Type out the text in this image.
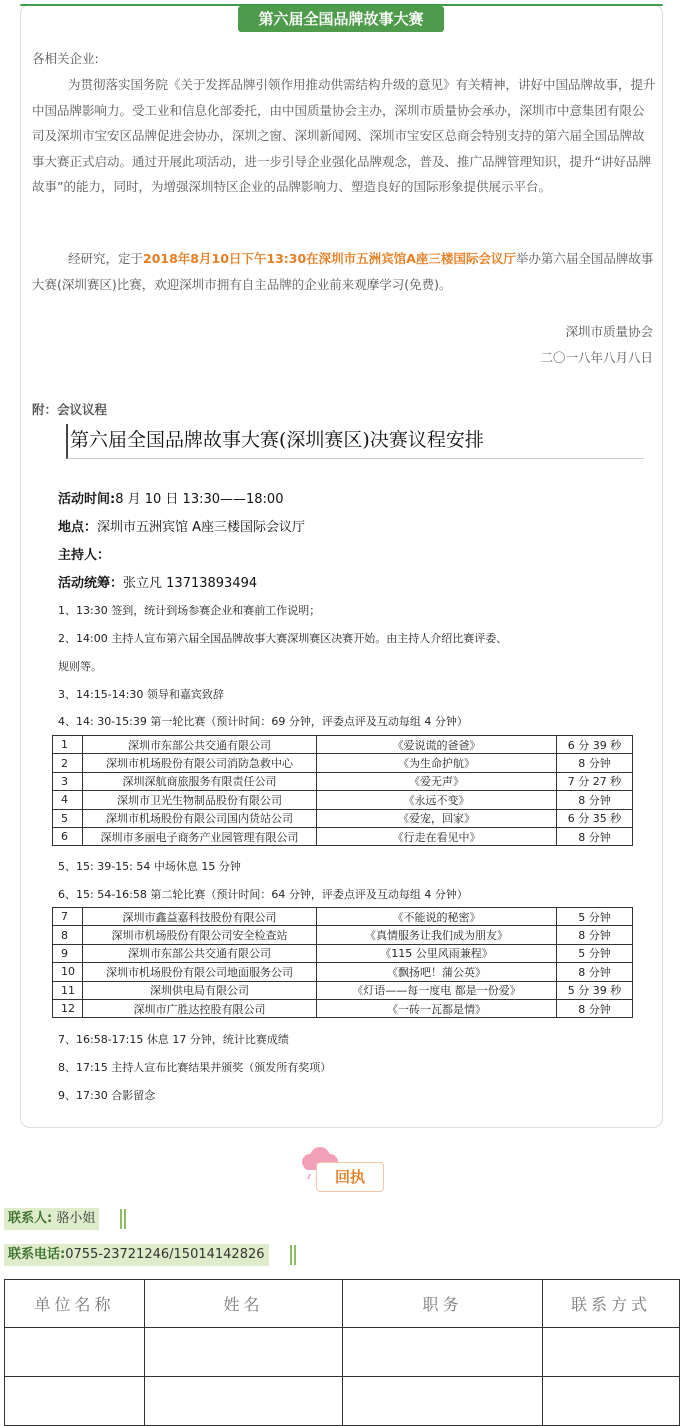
第六届全国品牌故事大赛
各相关企业:
为贯彻落实国务院《关于发挥品牌引领作用推动供需结构升级的意见》有关精神，讲好中国品牌故事，提升中国品牌影响力。受工业和信息化部委托，由中国质量协会主办，深圳市质量协会承办，深圳市中意集团有限公司及深圳市宝安区品牌促进会协办，深圳之窗、深圳新闻网、深圳市宝安区总商会特别支持的第六届全国品牌故事大赛正式启动。通过开展此项活动，进一步引导企业强化品牌观念，普及、推广品牌管理知识，提升“讲好品牌故事”的能力，同时，为增强深圳特区企业的品牌影响力、塑造良好的国际形象提供展示平台。
经研究，定于2018年8月10日下午13:30在深圳市五洲宾馆A座三楼国际会议厅举办第六届全国品牌故事大赛(深圳赛区)比赛，欢迎深圳市拥有自主品牌的企业前来观摩学习(免费)。
深圳市质量协会
二〇一八年八月八日
附：会议议程
第六届全国品牌故事大赛(深圳赛区)决赛议程安排
活动时间:8 月 10 日 13:30——18:00
地点：深圳市五洲宾馆 A座三楼国际会议厅
主持人：
活动统筹：张立凡 13713893494
1、13:30 签到，统计到场参赛企业和赛前工作说明；
2、14:00 主持人宣布第六届全国品牌故事大赛深圳赛区决赛开始。由主持人介绍比赛评委、
规则等。
3、14:15-14:30 领导和嘉宾致辞
4、14: 30-15:39 第一轮比赛（预计时间：69 分钟，评委点评及互动每组 4 分钟）
1	深圳市东部公共交通有限公司	《爱说谎的爸爸》	6 分 39 秒
2	深圳市机场股份有限公司消防急救中心	《为生命护航》	8 分钟
3	深圳深航商旅服务有限责任公司	《爱无声》	7 分 27 秒
4	深圳市卫光生物制品股份有限公司	《永远不变》	8 分钟
5	深圳市机场股份有限公司国内货站公司	《爱宠，回家》	6 分 35 秒
6	深圳市多丽电子商务产业园管理有限公司	《行走在看见中》	8 分钟
5、15: 39-15: 54 中场休息 15 分钟
6、15: 54-16:58 第二轮比赛（预计时间：64 分钟，评委点评及互动每组 4 分钟）
7	深圳市鑫益嘉科技股份有限公司	《不能说的秘密》	5 分钟
8	深圳市机场股份有限公司安全检查站	《真情服务让我们成为朋友》	8 分钟
9	深圳市东部公共交通有限公司	《115 公里风雨兼程》	5 分钟
10	深圳市机场股份有限公司地面服务公司	《飘扬吧！蒲公英》	8 分钟
11	深圳供电局有限公司	《灯语——每一度电 都是一份爱》	5 分 39 秒
12	深圳市广胜达控股有限公司	《一砖一瓦都是情》	8 分钟
7、16:58-17:15 休息 17 分钟，统计比赛成绩
8、17:15 主持人宣布比赛结果并颁奖（颁发所有奖项）
9、17:30 合影留念
回执
联系人: 骆小姐
联系电话:0755-23721246/15014142826
单位名称	姓名	职务	联系方式
